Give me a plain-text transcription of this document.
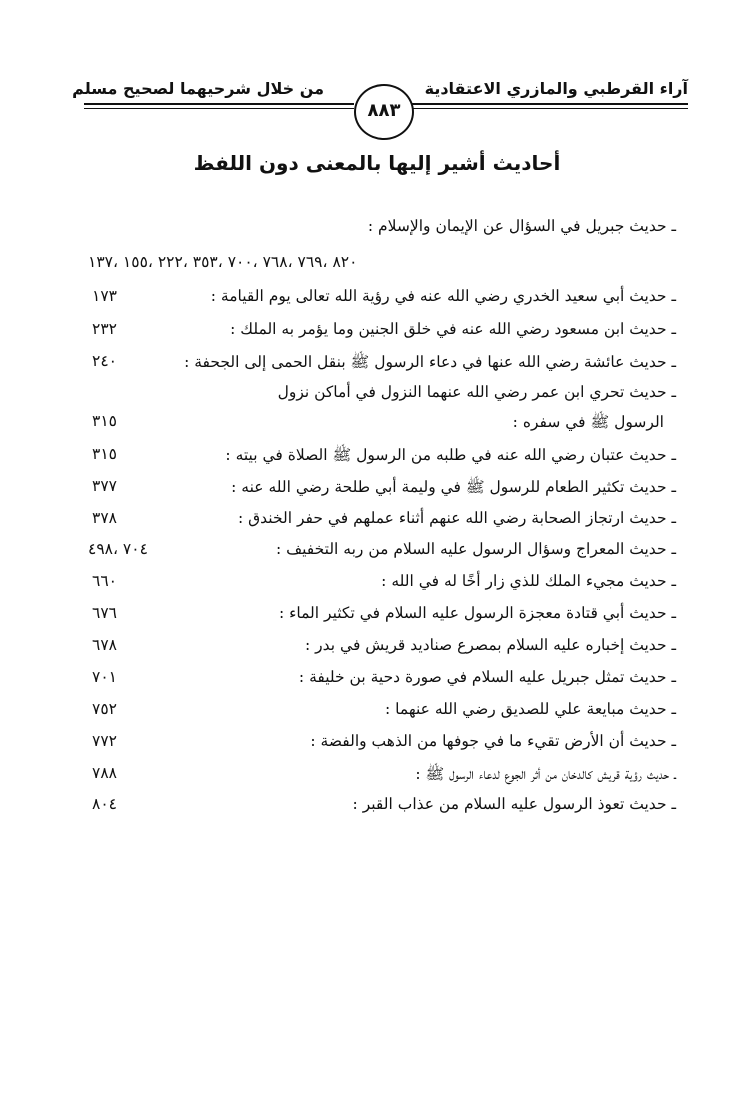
آراء القرطبي والمازري الاعتقادية
من خلال شرحيهما لصحيح مسلم
٨٨٣
أحاديث أشير إليها بالمعنى دون اللفظ
ـ حديث جبريل في السؤال عن الإيمان والإسلام :
٨٢٠ ،٧٦٩ ،٧٦٨ ،٧٠٠ ،٣٥٣ ،٢٢٢ ،١٥٥ ،١٣٧
ـ حديث أبي سعيد الخدري رضي الله عنه في رؤية الله تعالى يوم القيامة :
١٧٣
ـ حديث ابن مسعود رضي الله عنه في خلق الجنين وما يؤمر به الملك :
٢٣٢
ـ حديث عائشة رضي الله عنها في دعاء الرسول ﷺ بنقل الحمى إلى الجحفة :
٢٤٠
ـ حديث تحري ابن عمر رضي الله عنهما النزول في أماكن نزول
الرسول ﷺ في سفره :
٣١٥
ـ حديث عتبان رضي الله عنه في طلبه من الرسول ﷺ الصلاة في بيته :
٣١٥
ـ حديث تكثير الطعام للرسول ﷺ في وليمة أبي طلحة رضي الله عنه :
٣٧٧
ـ حديث ارتجاز الصحابة رضي الله عنهم أثناء عملهم في حفر الخندق :
٣٧٨
ـ حديث المعراج وسؤال الرسول عليه السلام من ربه التخفيف :
٧٠٤ ،٤٩٨
ـ حديث مجيء الملك للذي زار أخًا له في الله :
٦٦٠
ـ حديث أبي قتادة معجزة الرسول عليه السلام في تكثير الماء :
٦٧٦
ـ حديث إخباره عليه السلام بمصرع صناديد قريش في بدر :
٦٧٨
ـ حديث تمثل جبريل عليه السلام في صورة دحية بن خليفة :
٧٠١
ـ حديث مبايعة علي للصديق رضي الله عنهما :
٧٥٢
ـ حديث أن الأرض تقيء ما في جوفها من الذهب والفضة :
٧٧٢
ـ حديث رؤية قريش كالدخان من أثر الجوع لدعاء الرسول ﷺ :
٧٨٨
ـ حديث تعوذ الرسول عليه السلام من عذاب القبر :
٨٠٤
